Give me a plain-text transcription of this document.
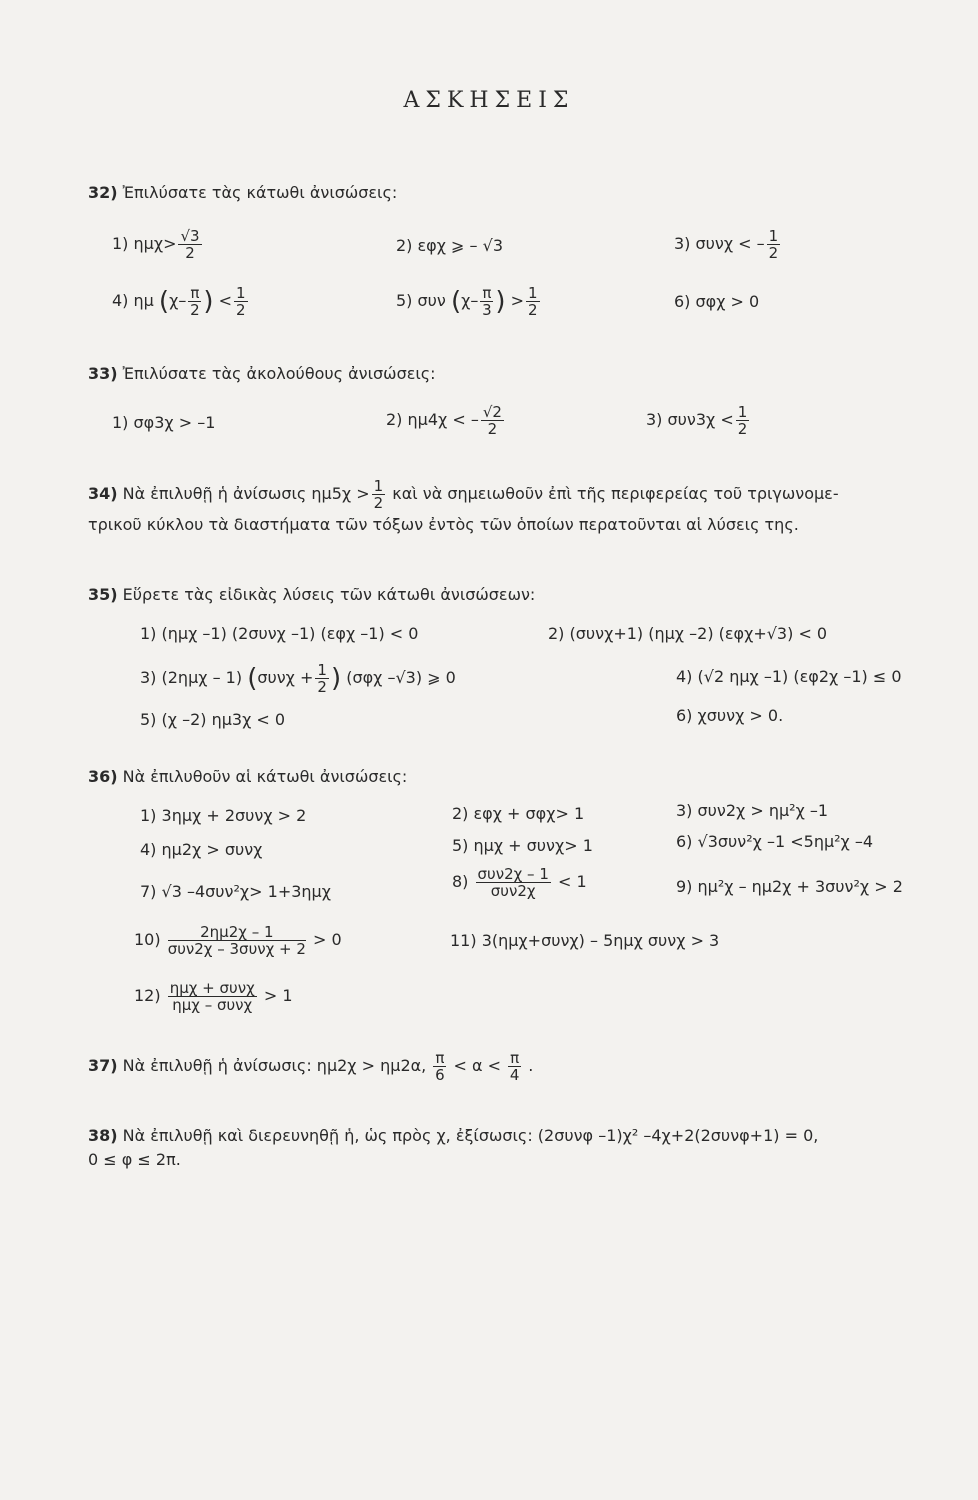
ΑΣΚΗΣΕΙΣ
32) Ἐπιλύσατε τὰς κάτωθι ἀνισώσεις:
1) $\eta\mu\chi> \frac{√3}{2}$	2) εφχ ⩾ – √3	3) συνχ < – $\frac{1}{2}$
4) ημ ($\chi- \frac{\pi}{2}$ ) < $\frac{1}{2}$	5) συν ($\chi- \frac{\pi}{3}$ ) > $\frac{1}{2}$	6) σφχ > 0
33) Ἐπιλύσατε τὰς ἀκολούθους ἀνισώσεις:
1) σφ3χ > –1	2) ημ4χ < – $\frac{√2}{2}$	3) $\sigma\upsilon\nu 3\chi < \frac{1}{2}$
34) Νὰ ἐπιλυθῇ ἡ ἀνίσωσις $\eta\mu 5\chi > \frac{1}{2}$ καὶ νὰ σημειωθοῦν ἐπὶ τῆς περιφερείας τοῦ τριγωνομε-
τρικοῦ κύκλου τὰ διαστήματα τῶν τόξων ἐντὸς τῶν ὁποίων περατοῦνται αἱ λύσεις της.
35) Εὕρετε τὰς εἰδικὰς λύσεις τῶν κάτωθι ἀνισώσεων:
1) (ημχ –1) (2συνχ –1) (εφχ –1) < 0	2) (συνχ+1) (ημχ –2) (εφχ+√3) < 0
3) (2ημχ – 1) ($\sigma\upsilon\nu\chi + \frac{1}{2}$ ) (σφχ –√3) ⩾ 0	4) (√2 ημχ –1) (εφ2χ –1) ≤ 0
5) (χ –2) ημ3χ < 0	6) χσυνχ > 0.
36) Νὰ ἐπιλυθοῦν αἱ κάτωθι ἀνισώσεις:
1) 3ημχ + 2συνχ > 2	2) εφχ + σφχ> 1	3) συν2χ > ημ²χ –1
4) ημ2χ > συνχ	5) ημχ + συνχ> 1	6) √3συν²χ –1 <5ημ²χ –4
7) √3 –4συν²χ> 1+3ημχ
$8) \frac{\text{συν2χ – 1}}{\text{συν2χ}} < 1$	9) ημ²χ – ημ2χ + 3συν²χ > 2
$10) \frac{2\eta\mu 2\chi - 1}{\text{συν2χ – 3συνχ + 2}} > 0$	11) 3(ημχ+συνχ) – 5ημχ συνχ > 3
$12) \frac{\text{ημχ + συνχ}}{\text{ημχ – συνχ}} > 1$
37) Νὰ ἐπιλυθῇ ἡ ἀνίσωσις: ημ2χ > ημ2α, $\frac{\pi}{6} < \alpha < \frac{\pi}{4}$ .
38) Νὰ ἐπιλυθῇ καὶ διερευνηθῇ ἡ, ὡς πρὸς χ, ἐξίσωσις: (2συνφ –1)χ² –4χ+2(2συνφ+1) = 0,
0 ≤ φ ≤ 2π.
